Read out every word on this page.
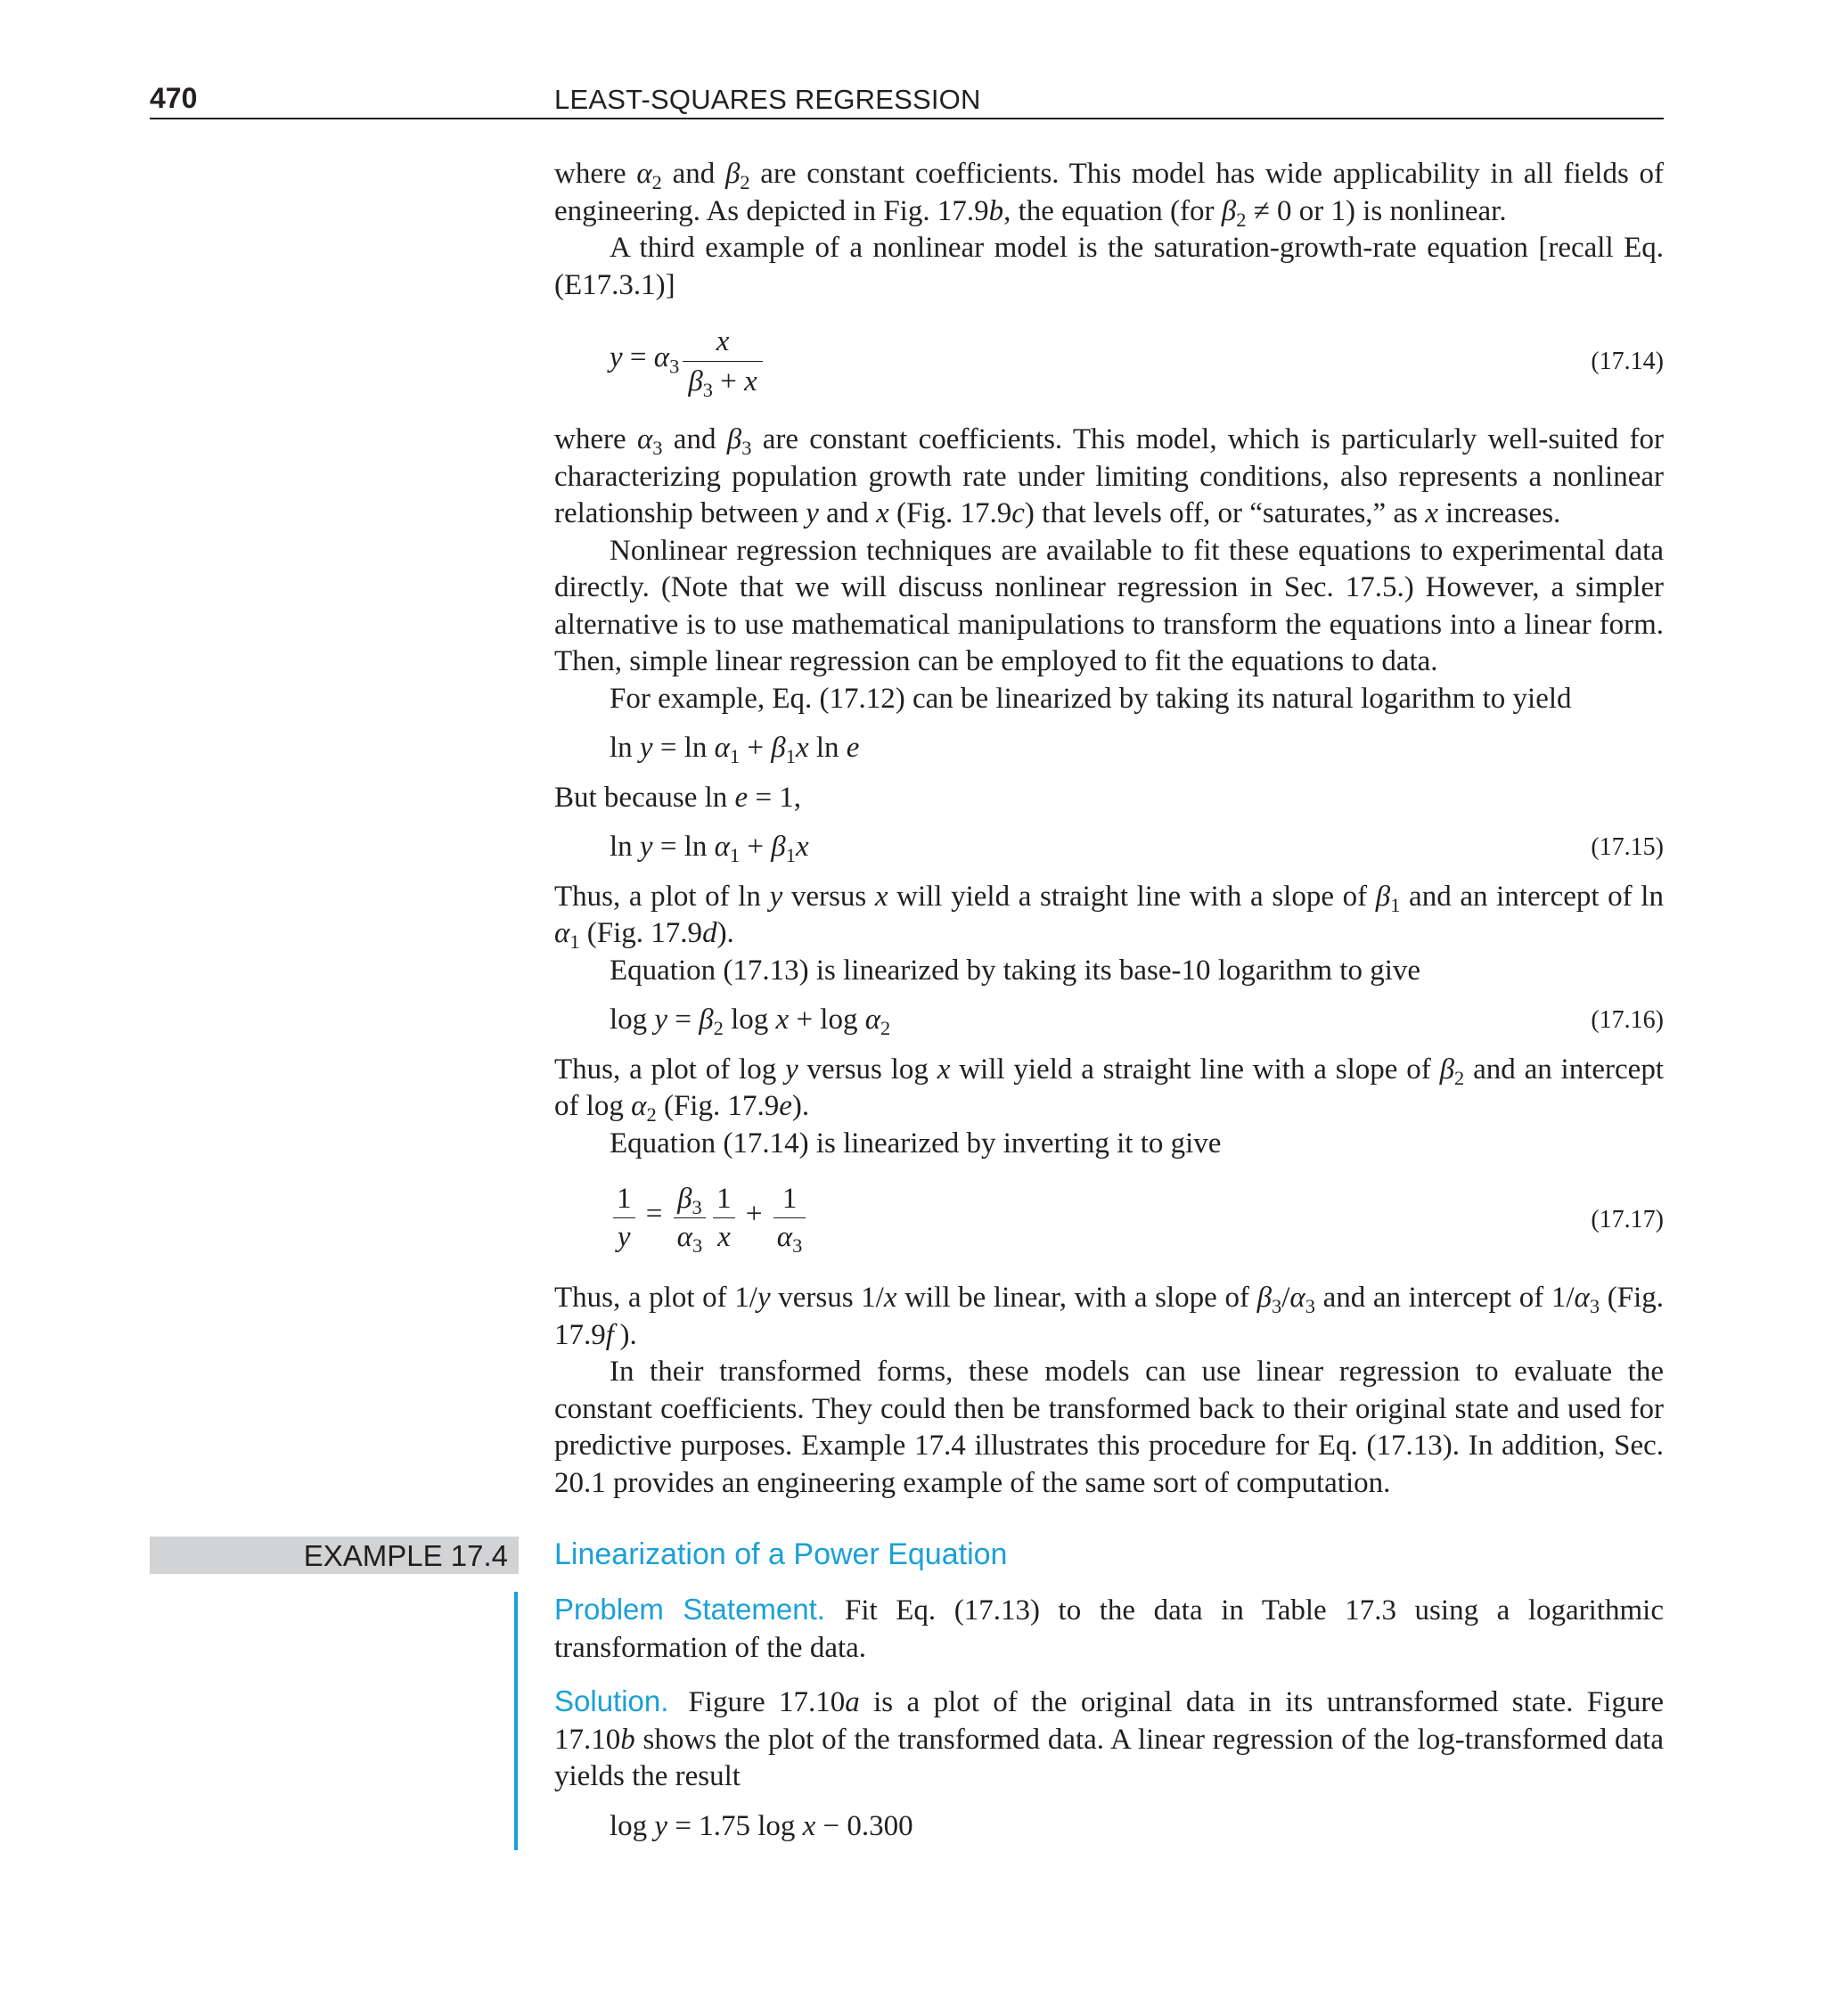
470	LEAST-SQUARES REGRESSION

where $\alpha_2$ and $\beta_2$ are constant coefficients. This model has wide applicability in all fields of engineering. As depicted in Fig. 17.9b, the equation (for $\beta_2 \ne 0$ or 1) is nonlinear.

A third example of a nonlinear model is the saturation-growth-rate equation [recall Eq. (E17.3.1)]

$y = \alpha_3 \frac{x}{\beta_3 + x}$	(17.14)

where $\alpha_3$ and $\beta_3$ are constant coefficients. This model, which is particularly well-suited for characterizing population growth rate under limiting conditions, also represents a nonlinear relationship between y and x (Fig. 17.9c) that levels off, or “saturates,” as x increases.

Nonlinear regression techniques are available to fit these equations to experimental data directly. (Note that we will discuss nonlinear regression in Sec. 17.5.) However, a simpler alternative is to use mathematical manipulations to transform the equations into a linear form. Then, simple linear regression can be employed to fit the equations to data.

For example, Eq. (17.12) can be linearized by taking its natural logarithm to yield

$\ln y = \ln \alpha_1 + \beta_1x$ ln e

But because ln e = 1,

$\ln y = \ln \alpha_1 + \beta_1x$	(17.15)

Thus, a plot of ln y versus x will yield a straight line with a slope of $\beta_1$ and an intercept of $\ln \alpha_1$ (Fig. 17.9d).

Equation (17.13) is linearized by taking its base-10 logarithm to give

$\log y = \beta_2$ $\log x + \log \alpha_2$	(17.16)

Thus, a plot of log y versus log x will yield a straight line with a slope of $\beta_2$ and an intercept of $\log \alpha_2$ (Fig. 17.9e).

Equation (17.14) is linearized by inverting it to give

$\frac{1}{y} = \frac{\beta_3}{\alpha_3} \frac{1}{x} + \frac{1}{\alpha_3}$	(17.17)

Thus, a plot of 1/y versus 1/x will be linear, with a slope of $\beta_3/\alpha_3$ and an intercept of $1/\alpha_3$ (Fig. 17.9f ).

In their transformed forms, these models can use linear regression to evaluate the constant coefficients. They could then be transformed back to their original state and used for predictive purposes. Example 17.4 illustrates this procedure for Eq. (17.13). In addition, Sec. 20.1 provides an engineering example of the same sort of computation.

EXAMPLE 17.4 Linearization of a Power Equation

Problem Statement. Fit Eq. (17.13) to the data in Table 17.3 using a logarithmic transformation of the data.

Solution. Figure 17.10a is a plot of the original data in its untransformed state. Figure 17.10b shows the plot of the transformed data. A linear regression of the log-transformed data yields the result

log y = 1.75 log x − 0.300
